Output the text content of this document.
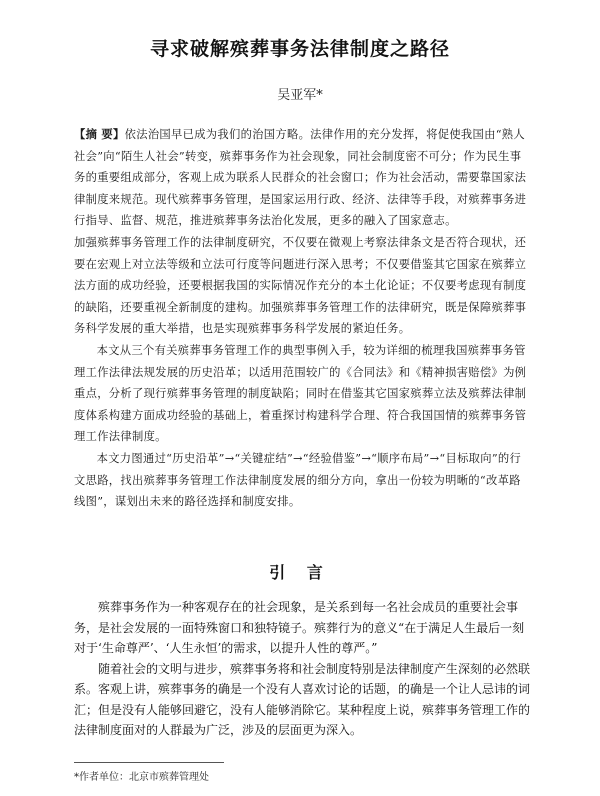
寻求破解殡葬事务法律制度之路径
吴亚军*

【摘 要】依法治国早已成为我们的治国方略。法律作用的充分发挥，将促使我国由“熟人社会”向“陌生人社会”转变，殡葬事务作为社会现象，同社会制度密不可分；作为民生事务的重要组成部分，客观上成为联系人民群众的社会窗口；作为社会活动，需要靠国家法律制度来规范。现代殡葬事务管理，是国家运用行政、经济、法律等手段，对殡葬事务进行指导、监督、规范，推进殡葬事务法治化发展，更多的融入了国家意志。

加强殡葬事务管理工作的法律制度研究，不仅要在微观上考察法律条文是否符合现状，还要在宏观上对立法等级和立法可行度等问题进行深入思考；不仅要借鉴其它国家在殡葬立法方面的成功经验，还要根据我国的实际情况作充分的本土化论证；不仅要考虑现有制度的缺陷，还要重视全新制度的建构。加强殡葬事务管理工作的法律研究，既是保障殡葬事务科学发展的重大举措，也是实现殡葬事务科学发展的紧迫任务。

本文从三个有关殡葬事务管理工作的典型事例入手，较为详细的梳理我国殡葬事务管理工作法律法规发展的历史沿革；以适用范围较广的《合同法》和《精神损害赔偿》为例重点，分析了现行殡葬事务管理的制度缺陷；同时在借鉴其它国家殡葬立法及殡葬法律制度体系构建方面成功经验的基础上，着重探讨构建科学合理、符合我国国情的殡葬事务管理工作法律制度。

本文力图通过“历史沿革”→“关键症结”→“经验借鉴”→“顺序布局”→“目标取向”的行文思路，找出殡葬事务管理工作法律制度发展的细分方向，拿出一份较为明晰的“改革路线图”，谋划出未来的路径选择和制度安排。

引 言

殡葬事务作为一种客观存在的社会现象，是关系到每一名社会成员的重要社会事务，是社会发展的一面特殊窗口和独特镜子。殡葬行为的意义“在于满足人生最后一刻对于‘生命尊严’、‘人生永恒’的需求，以提升人性的尊严。”

随着社会的文明与进步，殡葬事务将和社会制度特别是法律制度产生深刻的必然联系。客观上讲，殡葬事务的确是一个没有人喜欢讨论的话题，的确是一个让人忌讳的词汇；但是没有人能够回避它，没有人能够消除它。某种程度上说，殡葬事务管理工作的法律制度面对的人群最为广泛，涉及的层面更为深入。

*作者单位：北京市殡葬管理处
